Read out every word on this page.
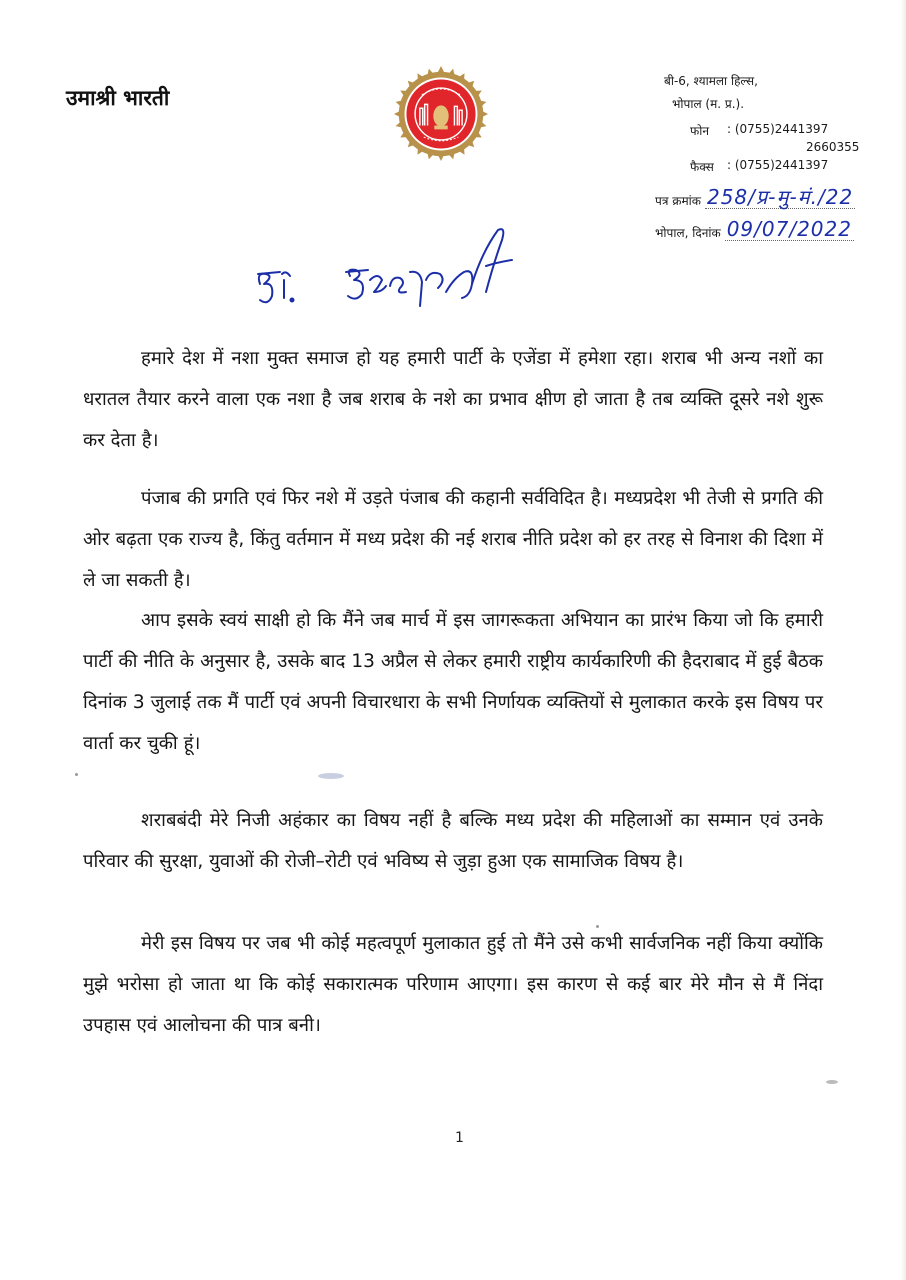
उमाश्री भारती
बी-6, श्यामला हिल्स,
भोपाल (म. प्र.).
फोन : (0755)2441397
2660355
फैक्स : (0755)2441397
पत्र क्रमांक 258/प्र-मु-मं./22
भोपाल, दिनांक 09/07/2022

हमारे देश में नशा मुक्त समाज हो यह हमारी पार्टी के एजेंडा में हमेशा रहा। शराब भी अन्य नशों का धरातल तैयार करने वाला एक नशा है जब शराब के नशे का प्रभाव क्षीण हो जाता है तब व्यक्ति दूसरे नशे शुरू कर देता है।

पंजाब की प्रगति एवं फिर नशे में उड़ते पंजाब की कहानी सर्वविदित है। मध्यप्रदेश भी तेजी से प्रगति की ओर बढ़ता एक राज्य है, किंतु वर्तमान में मध्य प्रदेश की नई शराब नीति प्रदेश को हर तरह से विनाश की दिशा में ले जा सकती है।

आप इसके स्वयं साक्षी हो कि मैंने जब मार्च में इस जागरूकता अभियान का प्रारंभ किया जो कि हमारी पार्टी की नीति के अनुसार है, उसके बाद 13 अप्रैल से लेकर हमारी राष्ट्रीय कार्यकारिणी की हैदराबाद में हुई बैठक दिनांक 3 जुलाई तक मैं पार्टी एवं अपनी विचारधारा के सभी निर्णायक व्यक्तियों से मुलाकात करके इस विषय पर वार्ता कर चुकी हूं।

शराबबंदी मेरे निजी अहंकार का विषय नहीं है बल्कि मध्य प्रदेश की महिलाओं का सम्मान एवं उनके परिवार की सुरक्षा, युवाओं की रोजी–रोटी एवं भविष्य से जुड़ा हुआ एक सामाजिक विषय है।

मेरी इस विषय पर जब भी कोई महत्वपूर्ण मुलाकात हुई तो मैंने उसे कभी सार्वजनिक नहीं किया क्योंकि मुझे भरोसा हो जाता था कि कोई सकारात्मक परिणाम आएगा। इस कारण से कई बार मेरे मौन से मैं निंदा उपहास एवं आलोचना की पात्र बनी।

1
